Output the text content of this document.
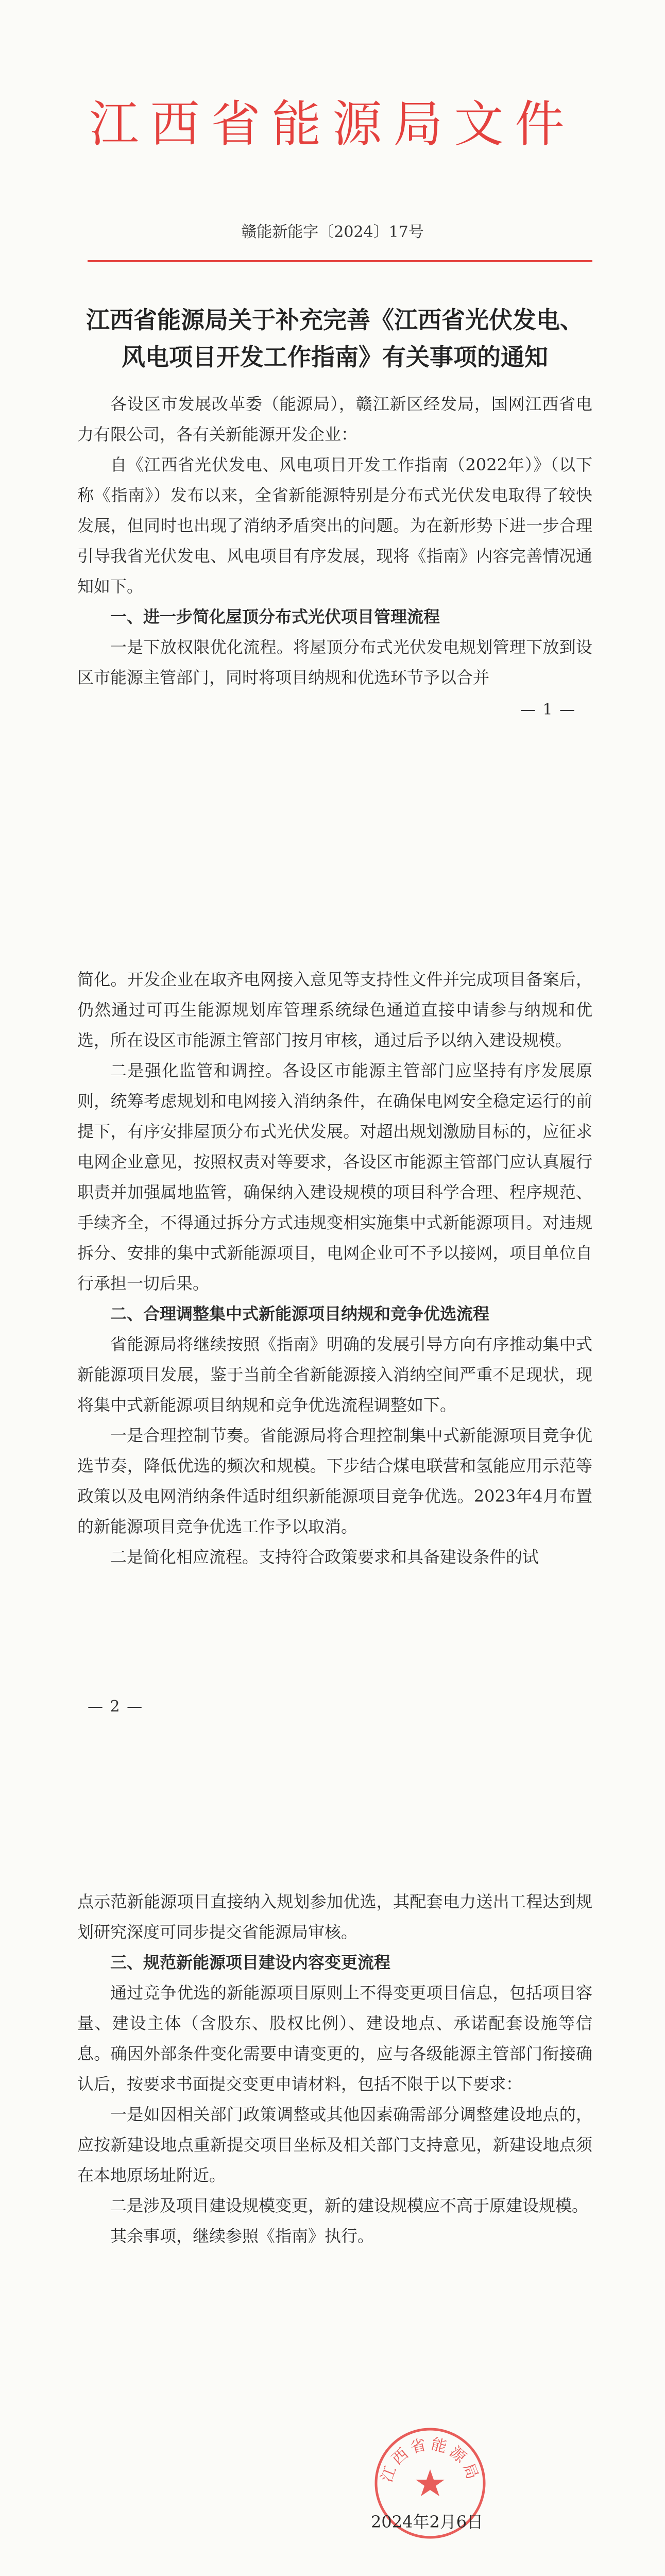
江西省能源局文件
赣能新能字〔2024〕17号
江西省能源局关于补充完善《江西省光伏发电、
风电项目开发工作指南》有关事项的通知

各设区市发展改革委（能源局），赣江新区经发局，国网江西省电力有限公司，各有关新能源开发企业：

自《江西省光伏发电、风电项目开发工作指南（2022年）》（以下称《指南》）发布以来，全省新能源特别是分布式光伏发电取得了较快发展，但同时也出现了消纳矛盾突出的问题。为在新形势下进一步合理引导我省光伏发电、风电项目有序发展，现将《指南》内容完善情况通知如下。

一、进一步简化屋顶分布式光伏项目管理流程

一是下放权限优化流程。将屋顶分布式光伏发电规划管理下放到设区市能源主管部门，同时将项目纳规和优选环节予以合并

— 1 —

简化。开发企业在取齐电网接入意见等支持性文件并完成项目备案后，仍然通过可再生能源规划库管理系统绿色通道直接申请参与纳规和优选，所在设区市能源主管部门按月审核，通过后予以纳入建设规模。

二是强化监管和调控。各设区市能源主管部门应坚持有序发展原则，统筹考虑规划和电网接入消纳条件，在确保电网安全稳定运行的前提下，有序安排屋顶分布式光伏发展。对超出规划激励目标的，应征求电网企业意见，按照权责对等要求，各设区市能源主管部门应认真履行职责并加强属地监管，确保纳入建设规模的项目科学合理、程序规范、手续齐全，不得通过拆分方式违规变相实施集中式新能源项目。对违规拆分、安排的集中式新能源项目，电网企业可不予以接网，项目单位自行承担一切后果。

二、合理调整集中式新能源项目纳规和竞争优选流程

省能源局将继续按照《指南》明确的发展引导方向有序推动集中式新能源项目发展，鉴于当前全省新能源接入消纳空间严重不足现状，现将集中式新能源项目纳规和竞争优选流程调整如下。

一是合理控制节奏。省能源局将合理控制集中式新能源项目竞争优选节奏，降低优选的频次和规模。下步结合煤电联营和氢能应用示范等政策以及电网消纳条件适时组织新能源项目竞争优选。2023年4月布置的新能源项目竞争优选工作予以取消。

二是简化相应流程。支持符合政策要求和具备建设条件的试

— 2 —

点示范新能源项目直接纳入规划参加优选，其配套电力送出工程达到规划研究深度可同步提交省能源局审核。

三、规范新能源项目建设内容变更流程

通过竞争优选的新能源项目原则上不得变更项目信息，包括项目容量、建设主体（含股东、股权比例）、建设地点、承诺配套设施等信息。确因外部条件变化需要申请变更的，应与各级能源主管部门衔接确认后，按要求书面提交变更申请材料，包括不限于以下要求：

一是如因相关部门政策调整或其他因素确需部分调整建设地点的，应按新建设地点重新提交项目坐标及相关部门支持意见，新建设地点须在本地原场址附近。

二是涉及项目建设规模变更，新的建设规模应不高于原建设规模。

其余事项，继续参照《指南》执行。

江西省能源局
2024年2月6日
